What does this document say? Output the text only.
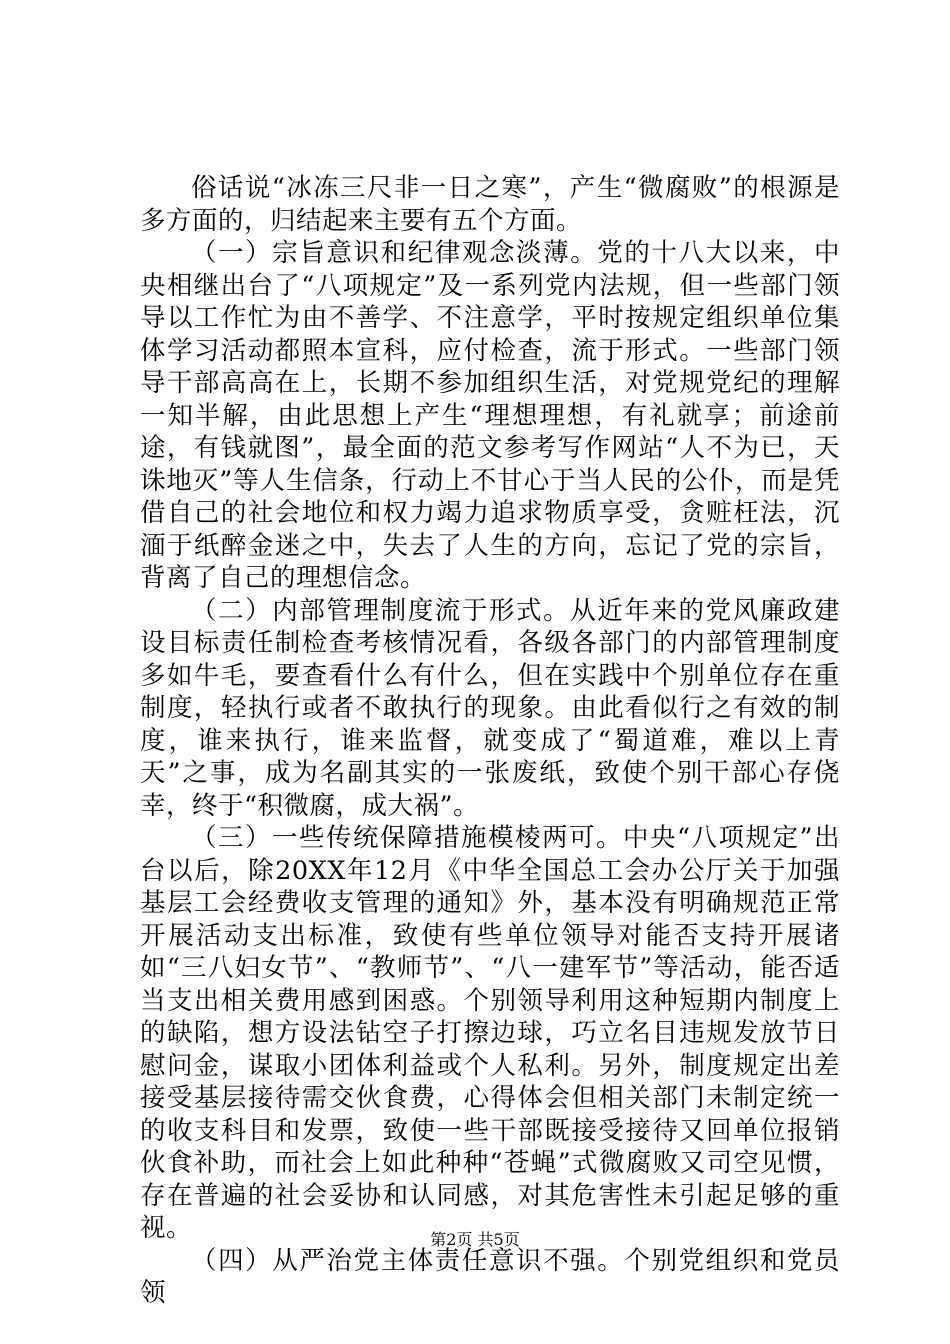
俗话说“冰冻三尺非一日之寒”，产生“微腐败”的根源是多方面的，归结起来主要有五个方面。

（一）宗旨意识和纪律观念淡薄。党的十八大以来，中央相继出台了“八项规定”及一系列党内法规，但一些部门领导以工作忙为由不善学、不注意学，平时按规定组织单位集体学习活动都照本宣科，应付检查，流于形式。一些部门领导干部高高在上，长期不参加组织生活，对党规党纪的理解一知半解，由此思想上产生“理想理想，有礼就享；前途前途，有钱就图”，最全面的范文参考写作网站“人不为已，天诛地灭”等人生信条，行动上不甘心于当人民的公仆，而是凭借自己的社会地位和权力竭力追求物质享受，贪赃枉法，沉湎于纸醉金迷之中，失去了人生的方向，忘记了党的宗旨，背离了自己的理想信念。

（二）内部管理制度流于形式。从近年来的党风廉政建设目标责任制检查考核情况看，各级各部门的内部管理制度多如牛毛，要查看什么有什么，但在实践中个别单位存在重制度，轻执行或者不敢执行的现象。由此看似行之有效的制度，谁来执行，谁来监督，就变成了“蜀道难，难以上青天”之事，成为名副其实的一张废纸，致使个别干部心存侥幸，终于“积微腐，成大祸”。

（三）一些传统保障措施模棱两可。中央“八项规定”出台以后，除20XX年12月《中华全国总工会办公厅关于加强基层工会经费收支管理的通知》外，基本没有明确规范正常开展活动支出标准，致使有些单位领导对能否支持开展诸如“三八妇女节”、“教师节”、“八一建军节”等活动，能否适当支出相关费用感到困惑。个别领导利用这种短期内制度上的缺陷，想方设法钻空子打擦边球，巧立名目违规发放节日慰问金，谋取小团体利益或个人私利。另外，制度规定出差接受基层接待需交伙食费，心得体会但相关部门未制定统一的收支科目和发票，致使一些干部既接受接待又回单位报销伙食补助，而社会上如此种种“苍蝇”式微腐败又司空见惯，存在普遍的社会妥协和认同感，对其危害性未引起足够的重视。

（四）从严治党主体责任意识不强。个别党组织和党员领

第2页 共5页
